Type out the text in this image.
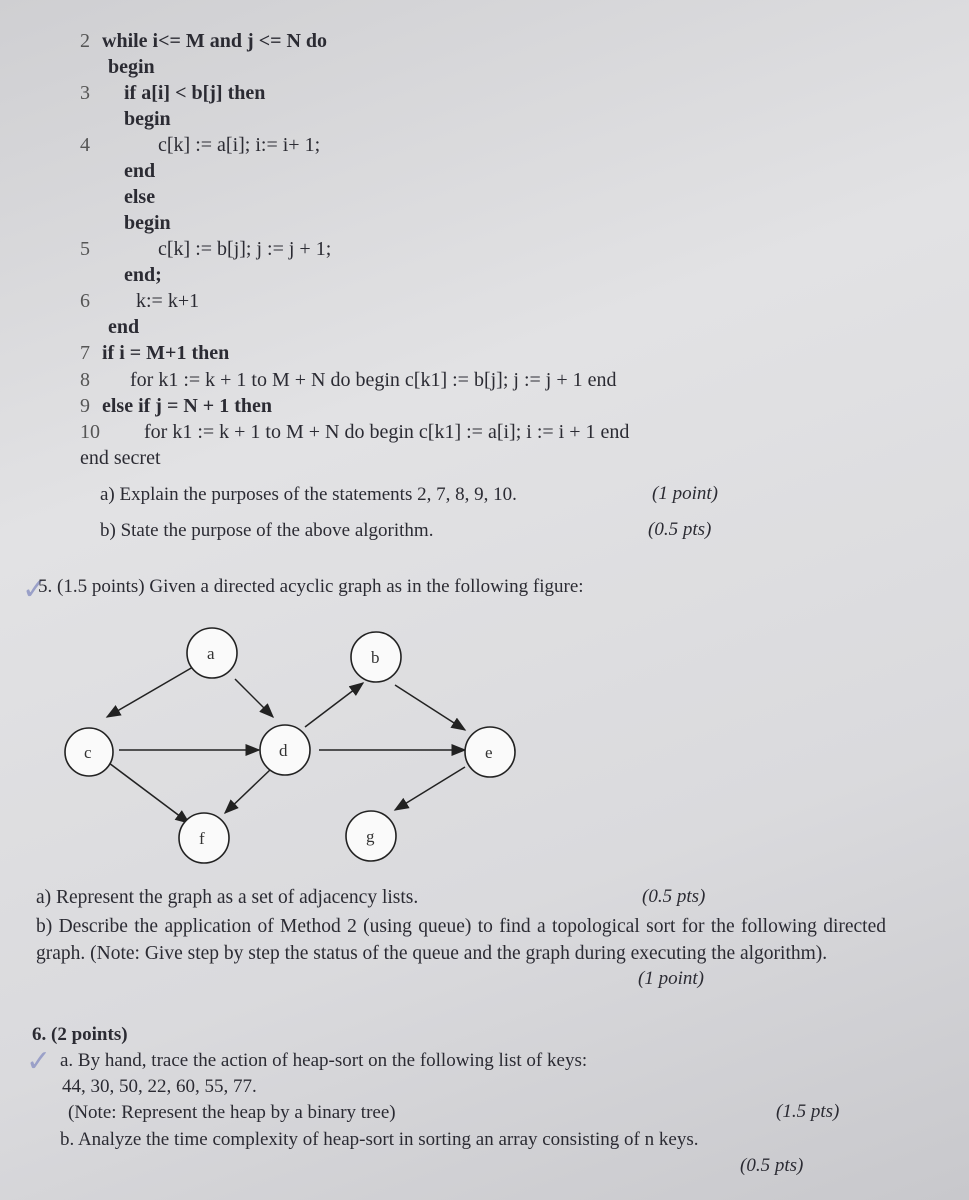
2 while i<= M and j <= N do
begin
3 if a[i] < b[j] then
begin
4	c[k] := a[i]; i:= i+ 1;
end
else
begin
5	c[k] := b[j]; j := j + 1;
end;
6 k:= k+1
end
7 if i = M+1 then
8 for k1 := k + 1 to M + N do begin c[k1] := b[j]; j := j + 1 end
9 else if j = N + 1 then
10 for k1 := k + 1 to M + N do begin c[k1] := a[i]; i := i + 1 end
end secret
a) Explain the purposes of the statements 2, 7, 8, 9, 10.	(1 point)
b) State the purpose of the above algorithm.	(0.5 pts)
✓
5. (1.5 points) Given a directed acyclic graph as in the following figure:
a	b
c	d	e
f	g
a) Represent the graph as a set of adjacency lists.	(0.5 pts)
b) Describe the application of Method 2 (using queue) to find a topological sort for the following directed graph. (Note: Give step by step the status of the queue and the graph during executing the algorithm).
(1 point)
✓
6. (2 points)
a. By hand, trace the action of heap-sort on the following list of keys:
44, 30, 50, 22, 60, 55, 77.
(Note: Represent the heap by a binary tree)	(1.5 pts)
b. Analyze the time complexity of heap-sort in sorting an array consisting of n keys.
(0.5 pts)
